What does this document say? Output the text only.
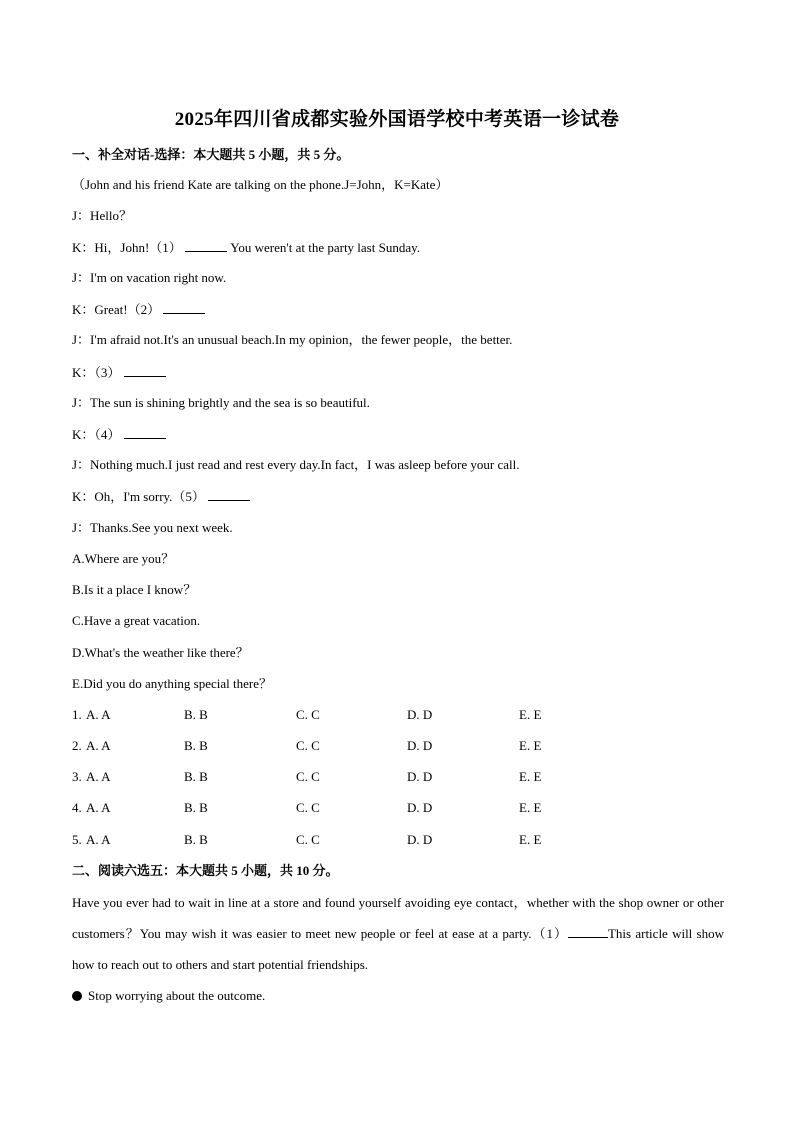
2025年四川省成都实验外国语学校中考英语一诊试卷
一、补全对话-选择：本大题共 5 小题，共 5 分。
（John and his friend Kate are talking on the phone.J=John，K=Kate）
J：Hello？
K：Hi，John!（1）	You weren't at the party last Sunday.
J：I'm on vacation right now.
K：Great!（2）
J：I'm afraid not.It's an unusual beach.In my opinion，the fewer people，the better.
K：（3）
J：The sun is shining brightly and the sea is so beautiful.
K：（4）
J：Nothing much.I just read and rest every day.In fact，I was asleep before your call.
K：Oh，I'm sorry.（5）
J：Thanks.See you next week.
A.Where are you？
B.Is it a place I know？
C.Have a great vacation.
D.What's the weather like there？
E.Did you do anything special there？
1. A. A	B. B	C. C	D. D	E. E
2. A. A	B. B	C. C	D. D	E. E
3. A. A	B. B	C. C	D. D	E. E
4. A. A	B. B	C. C	D. D	E. E
5. A. A	B. B	C. C	D. D	E. E
二、阅读六选五：本大题共 5 小题，共 10 分。
Have you ever had to wait in line at a store and found yourself avoiding eye contact，whether with the shop owner or other customers？You may wish it was easier to meet new people or feel at ease at a party.（1）	This article will show how to reach out to others and start potential friendships.
Stop worrying about the outcome.
